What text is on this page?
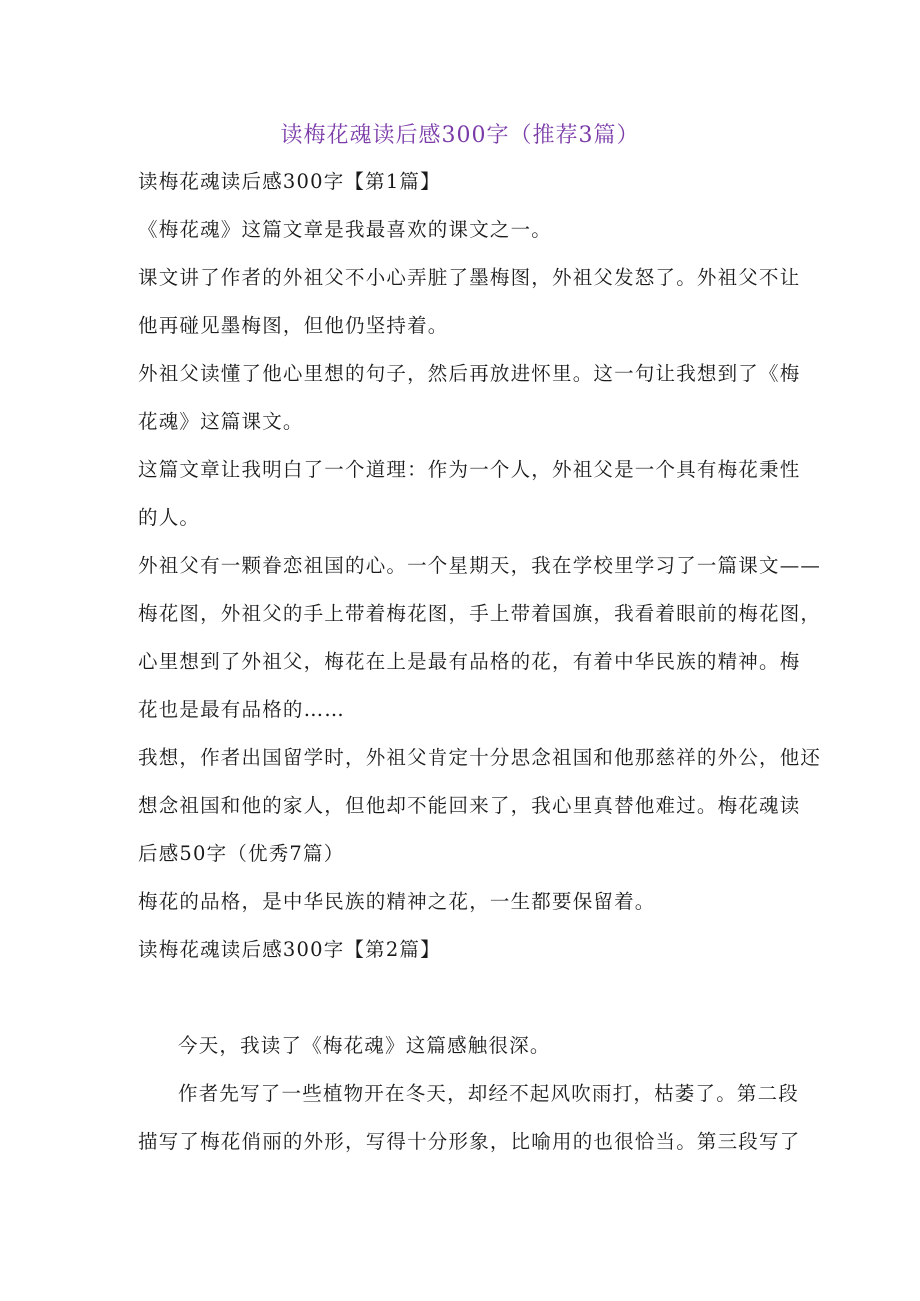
读梅花魂读后感300字（推荐3篇）
读梅花魂读后感300字【第1篇】
《梅花魂》这篇文章是我最喜欢的课文之一。
课文讲了作者的外祖父不小心弄脏了墨梅图，外祖父发怒了。外祖父不让
他再碰见墨梅图，但他仍坚持着。
外祖父读懂了他心里想的句子，然后再放进怀里。这一句让我想到了《梅
花魂》这篇课文。
这篇文章让我明白了一个道理：作为一个人，外祖父是一个具有梅花秉性
的人。
外祖父有一颗眷恋祖国的心。一个星期天，我在学校里学习了一篇课文——
梅花图，外祖父的手上带着梅花图，手上带着国旗，我看着眼前的梅花图，
心里想到了外祖父，梅花在上是最有品格的花，有着中华民族的精神。梅
花也是最有品格的……
我想，作者出国留学时，外祖父肯定十分思念祖国和他那慈祥的外公，他还
想念祖国和他的家人，但他却不能回来了，我心里真替他难过。梅花魂读
后感50字（优秀7篇）
梅花的品格，是中华民族的精神之花，一生都要保留着。
读梅花魂读后感300字【第2篇】
今天，我读了《梅花魂》这篇感触很深。
作者先写了一些植物开在冬天，却经不起风吹雨打，枯萎了。第二段
描写了梅花俏丽的外形，写得十分形象，比喻用的也很恰当。第三段写了
